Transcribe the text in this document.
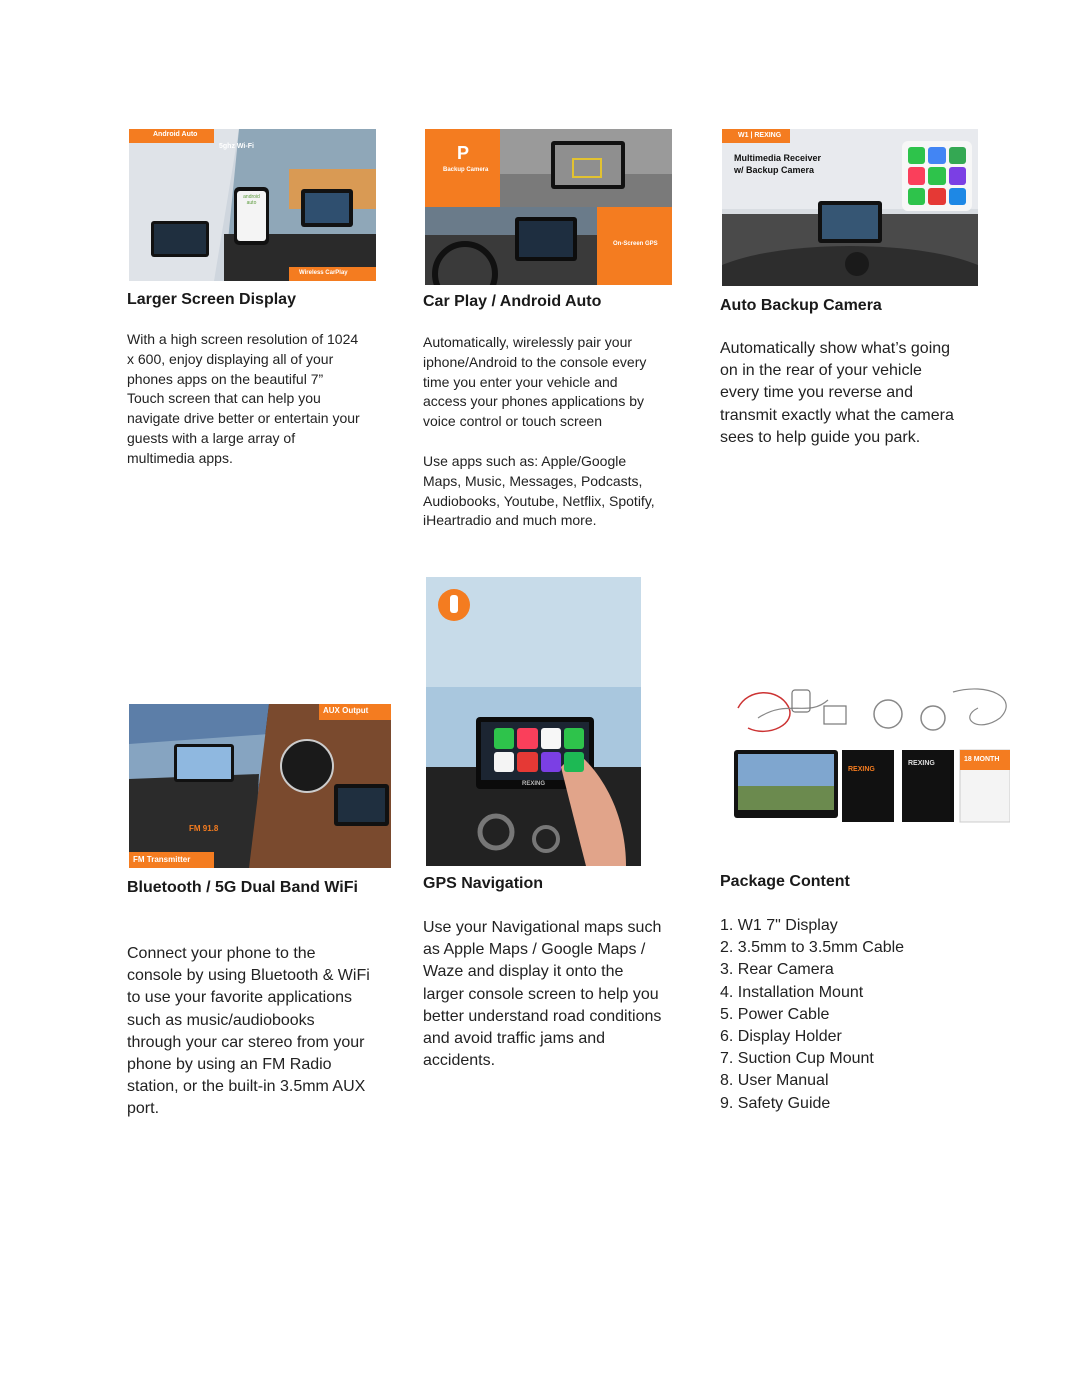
Android Auto
5ghz Wi-Fi
android auto
Wireless CarPlay
Larger Screen Display
With a high screen resolution of 1024 x 600, enjoy displaying all of your phones apps on the beautiful 7” Touch screen that can help you navigate drive better or entertain your guests with a large array of multimedia apps.
P
Backup Camera
On-Screen GPS
Car Play / Android Auto
Automatically, wirelessly pair your iphone/Android to the console every time you enter your vehicle and access your phones applications by voice control or touch screen
Use apps such as: Apple/Google Maps, Music, Messages, Podcasts, Audiobooks, Youtube, Netflix, Spotify, iHeartradio and much more.
W1 | REXING
Multimedia Receiver
w/ Backup Camera
Auto Backup Camera
Automatically show what’s going on in the rear of your vehicle every time you reverse and transmit exactly what the camera sees to help guide you park.
AUX Output
FM Transmitter
FM 91.8
Bluetooth / 5G Dual Band WiFi
Connect your phone to the console by using Bluetooth & WiFi to use your favorite applications such as music/audiobooks through your car stereo from your phone by using an FM Radio station, or the built-in 3.5mm AUX port.
REXING
GPS Navigation
Use your Navigational maps such as Apple Maps / Google Maps / Waze and display it onto the larger console screen to help you better understand road conditions and avoid traffic jams and accidents.
REXING
REXING
18 MONTH
Package Content
1. W1 7" Display
2. 3.5mm to 3.5mm Cable
3. Rear Camera
4. Installation Mount
5. Power Cable
6. Display Holder
7. Suction Cup Mount
8. User Manual
9. Safety Guide
